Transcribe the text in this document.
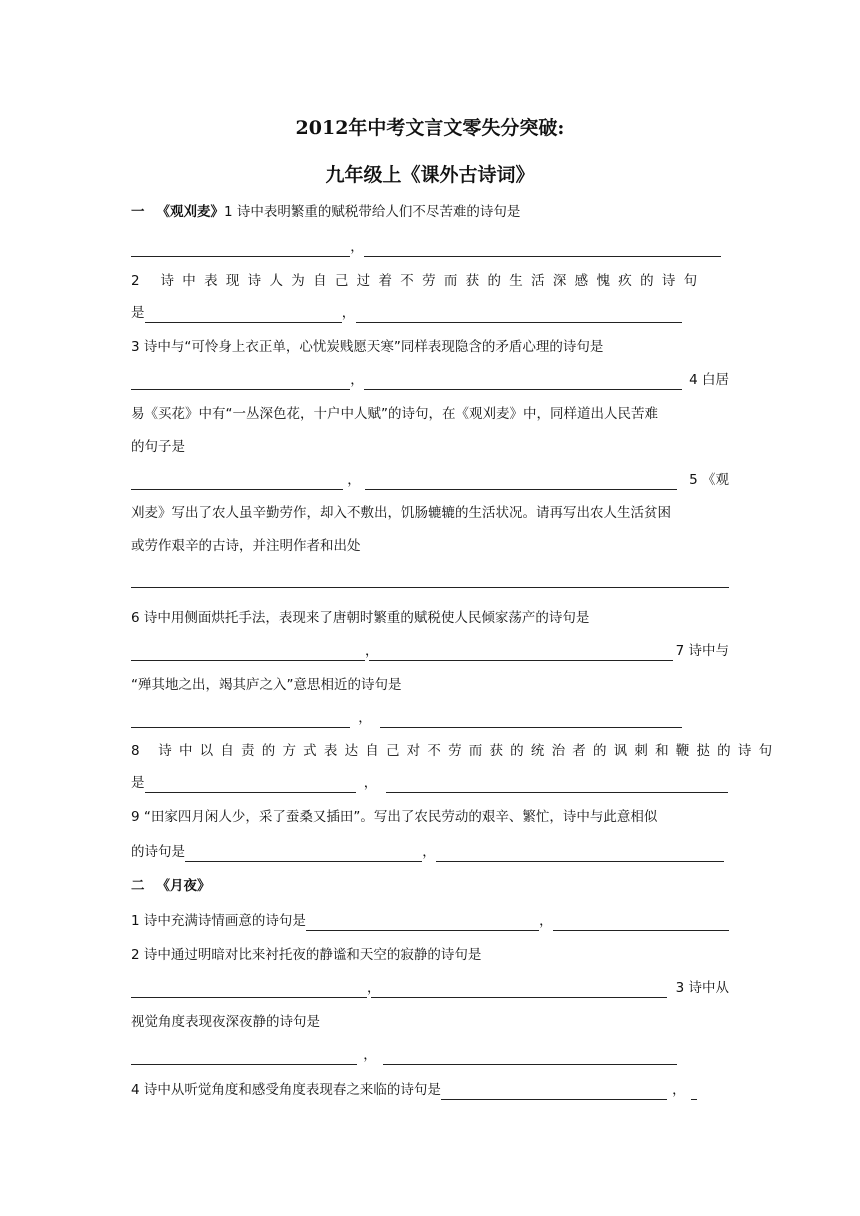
2012年中考文言文零失分突破:
九年级上《课外古诗词》
一 《观刈麦》 1 诗中表明繁重的赋税带给人们不尽苦难的诗句是
，
2 诗中表现诗人为自己过着不劳而获的生活深感愧疚的诗句
是	，
3 诗中与“可怜身上衣正单，心忧炭贱愿天寒”同样表现隐含的矛盾心理的诗句是
，	4 白居
易《买花》中有“一丛深色花，十户中人赋”的诗句，在《观刈麦》中，同样道出人民苦难
的句子是
，	5 《观
刈麦》写出了农人虽辛勤劳作，却入不敷出，饥肠辘辘的生活状况。请再写出农人生活贫困
或劳作艰辛的古诗，并注明作者和出处
6 诗中用侧面烘托手法，表现来了唐朝时繁重的赋税使人民倾家荡产的诗句是
，	7 诗中与
“殚其地之出，竭其庐之入”意思相近的诗句是
，
8 诗中以自责的方式表达自己对不劳而获的统治者的讽刺和鞭挞的诗句
是	，
9 “田家四月闲人少，采了蚕桑又插田”。写出了农民劳动的艰辛、繁忙，诗中与此意相似
的诗句是	，
二 《月夜》
1 诗中充满诗情画意的诗句是	，
2 诗中通过明暗对比来衬托夜的静谧和天空的寂静的诗句是
，	3 诗中从
视觉角度表现夜深夜静的诗句是
，
4 诗中从听觉角度和感受角度表现春之来临的诗句是	，
